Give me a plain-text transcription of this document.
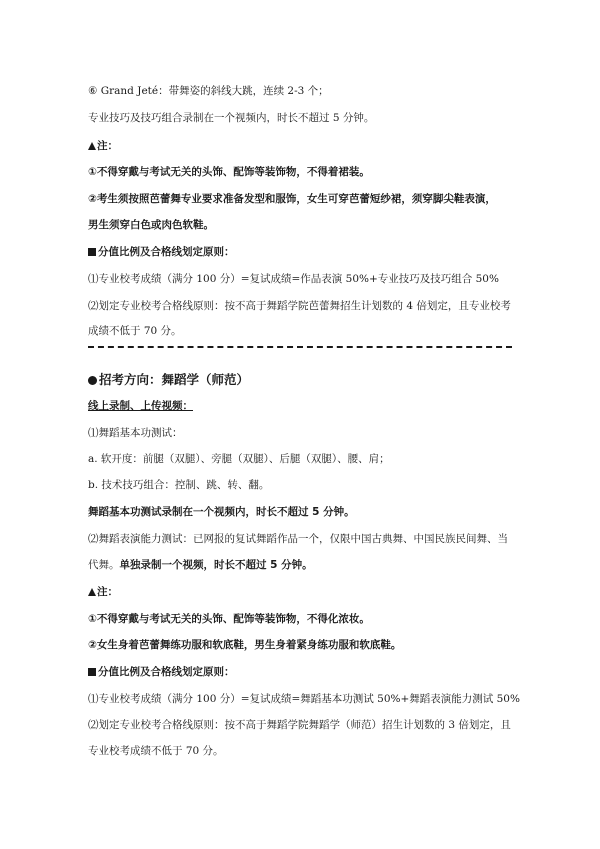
⑥ Grand Jeté：带舞姿的斜线大跳，连续 2-3 个；
专业技巧及技巧组合录制在一个视频内，时长不超过 5 分钟。
注：
①不得穿戴与考试无关的头饰、配饰等装饰物，不得着裙装。
②考生须按照芭蕾舞专业要求准备发型和服饰，女生可穿芭蕾短纱裙，须穿脚尖鞋表演，
男生须穿白色或肉色软鞋。
分值比例及合格线划定原则：
⑴专业校考成绩（满分 100 分）=复试成绩=作品表演 50%+专业技巧及技巧组合 50%
⑵划定专业校考合格线原则：按不高于舞蹈学院芭蕾舞招生计划数的 4 倍划定，且专业校考
成绩不低于 70 分。
招考方向：舞蹈学（师范）
线上录制、上传视频：
⑴舞蹈基本功测试：
a. 软开度：前腿（双腿）、旁腿（双腿）、后腿（双腿）、腰、肩；
b. 技术技巧组合：控制、跳、转、翻。
舞蹈基本功测试录制在一个视频内，时长不超过 5 分钟。
⑵舞蹈表演能力测试：已网报的复试舞蹈作品一个，仅限中国古典舞、中国民族民间舞、当
代舞。单独录制一个视频，时长不超过 5 分钟。
注：
①不得穿戴与考试无关的头饰、配饰等装饰物，不得化浓妆。
②女生身着芭蕾舞练功服和软底鞋，男生身着紧身练功服和软底鞋。
分值比例及合格线划定原则：
⑴专业校考成绩（满分 100 分）=复试成绩=舞蹈基本功测试 50%+舞蹈表演能力测试 50%
⑵划定专业校考合格线原则：按不高于舞蹈学院舞蹈学（师范）招生计划数的 3 倍划定，且
专业校考成绩不低于 70 分。
